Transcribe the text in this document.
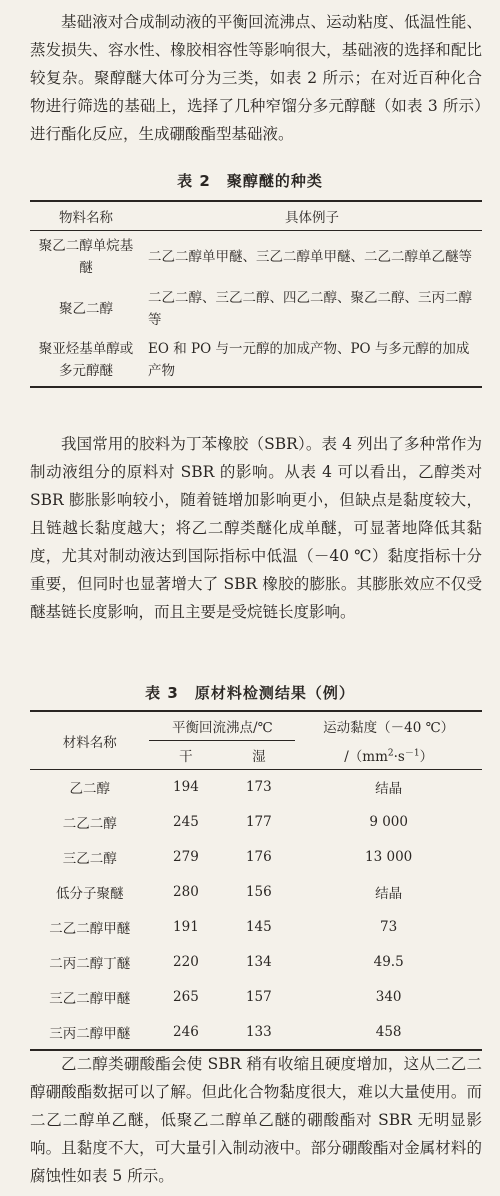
基础液对合成制动液的平衡回流沸点、运动粘度、低温性能、蒸发损失、容水性、橡胶相容性等影响很大，基础液的选择和配比较复杂。聚醇醚大体可分为三类，如表 2 所示；在对近百种化合物进行筛选的基础上，选择了几种窄馏分多元醇醚（如表 3 所示）进行酯化反应，生成硼酸酯型基础液。

表 2　聚醇醚的种类
物料名称	具体例子
聚乙二醇单烷基醚	二乙二醇单甲醚、三乙二醇单甲醚、二乙二醇单乙醚等
聚乙二醇	二乙二醇、三乙二醇、四乙二醇、聚乙二醇、三丙二醇等
聚亚烃基单醇或多元醇醚	EO 和 PO 与一元醇的加成产物、PO 与多元醇的加成产物

我国常用的胶料为丁苯橡胶（SBR）。表 4 列出了多种常作为制动液组分的原料对 SBR 的影响。从表 4 可以看出，乙醇类对 SBR 膨胀影响较小，随着链增加影响更小，但缺点是黏度较大，且链越长黏度越大；将乙二醇类醚化成单醚，可显著地降低其黏度，尤其对制动液达到国际指标中低温（－40 ℃）黏度指标十分重要，但同时也显著增大了 SBR 橡胶的膨胀。其膨胀效应不仅受醚基链长度影响，而且主要是受烷链长度影响。

表 3　原材料检测结果（例）
材料名称	平衡回流沸点/℃		运动黏度（－40 ℃）
	干	湿	$/(mm^2\cdot s^{-1})$
乙二醇	194	173	结晶
二乙二醇	245	177	9 000
三乙二醇	279	176	13 000
低分子聚醚	280	156	结晶
二乙二醇甲醚	191	145	73
二丙二醇丁醚	220	134	49.5
三乙二醇甲醚	265	157	340
三丙二醇甲醚	246	133	458

乙二醇类硼酸酯会使 SBR 稍有收缩且硬度增加，这从二乙二醇硼酸酯数据可以了解。但此化合物黏度很大，难以大量使用。而二乙二醇单乙醚，低聚乙二醇单乙醚的硼酸酯对 SBR 无明显影响。且黏度不大，可大量引入制动液中。部分硼酸酯对金属材料的腐蚀性如表 5 所示。
